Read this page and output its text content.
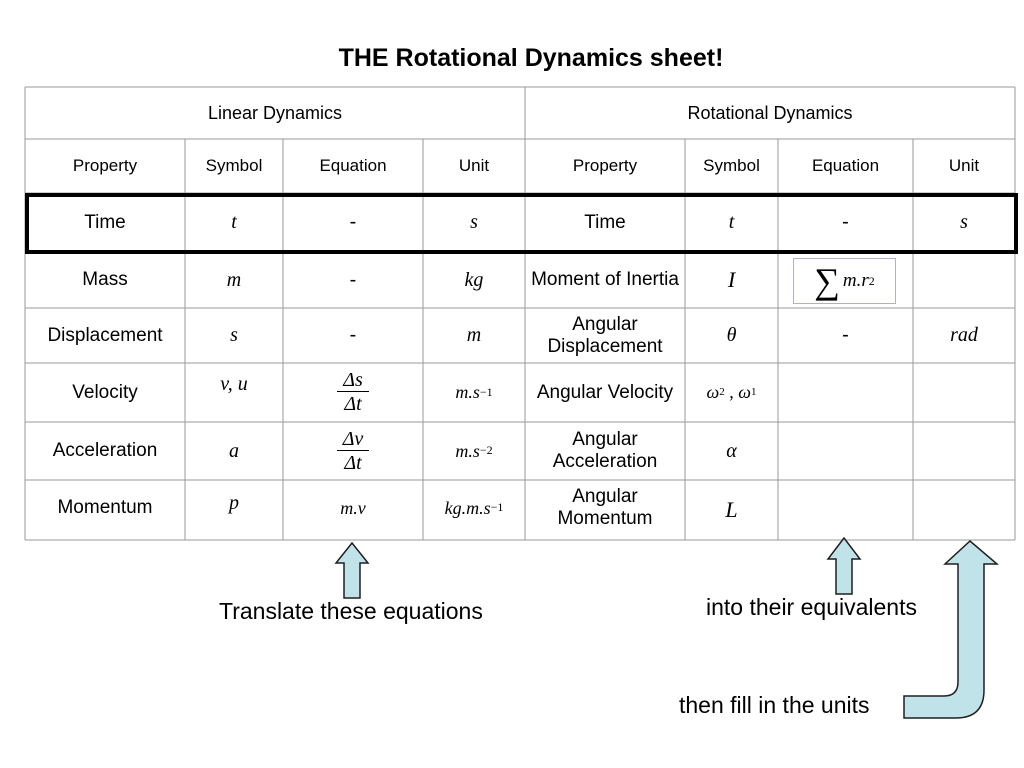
THE Rotational Dynamics sheet!
Linear Dynamics	Rotational Dynamics
Property	Symbol	Equation	Unit	Property	Symbol	Equation	Unit
Time	t	-	s	Time	t	-	s
Mass	m	-	kg	Moment of Inertia	I	∑ m.r 2
Displacement	s	-	m	Angular Displacement	θ	-	rad
Velocity	v, u	$\frac{\Delta s}{\Delta t}$	m.s −1	Angular Velocity	ω 2 , ω 1
Acceleration	a	$\frac{\Delta v}{\Delta t}$	m.s −2	Angular Acceleration	α
Momentum	p	m.v	kg.m.s −1	Angular Momentum	L
Translate these equations	into their equivalents
then fill in the units
